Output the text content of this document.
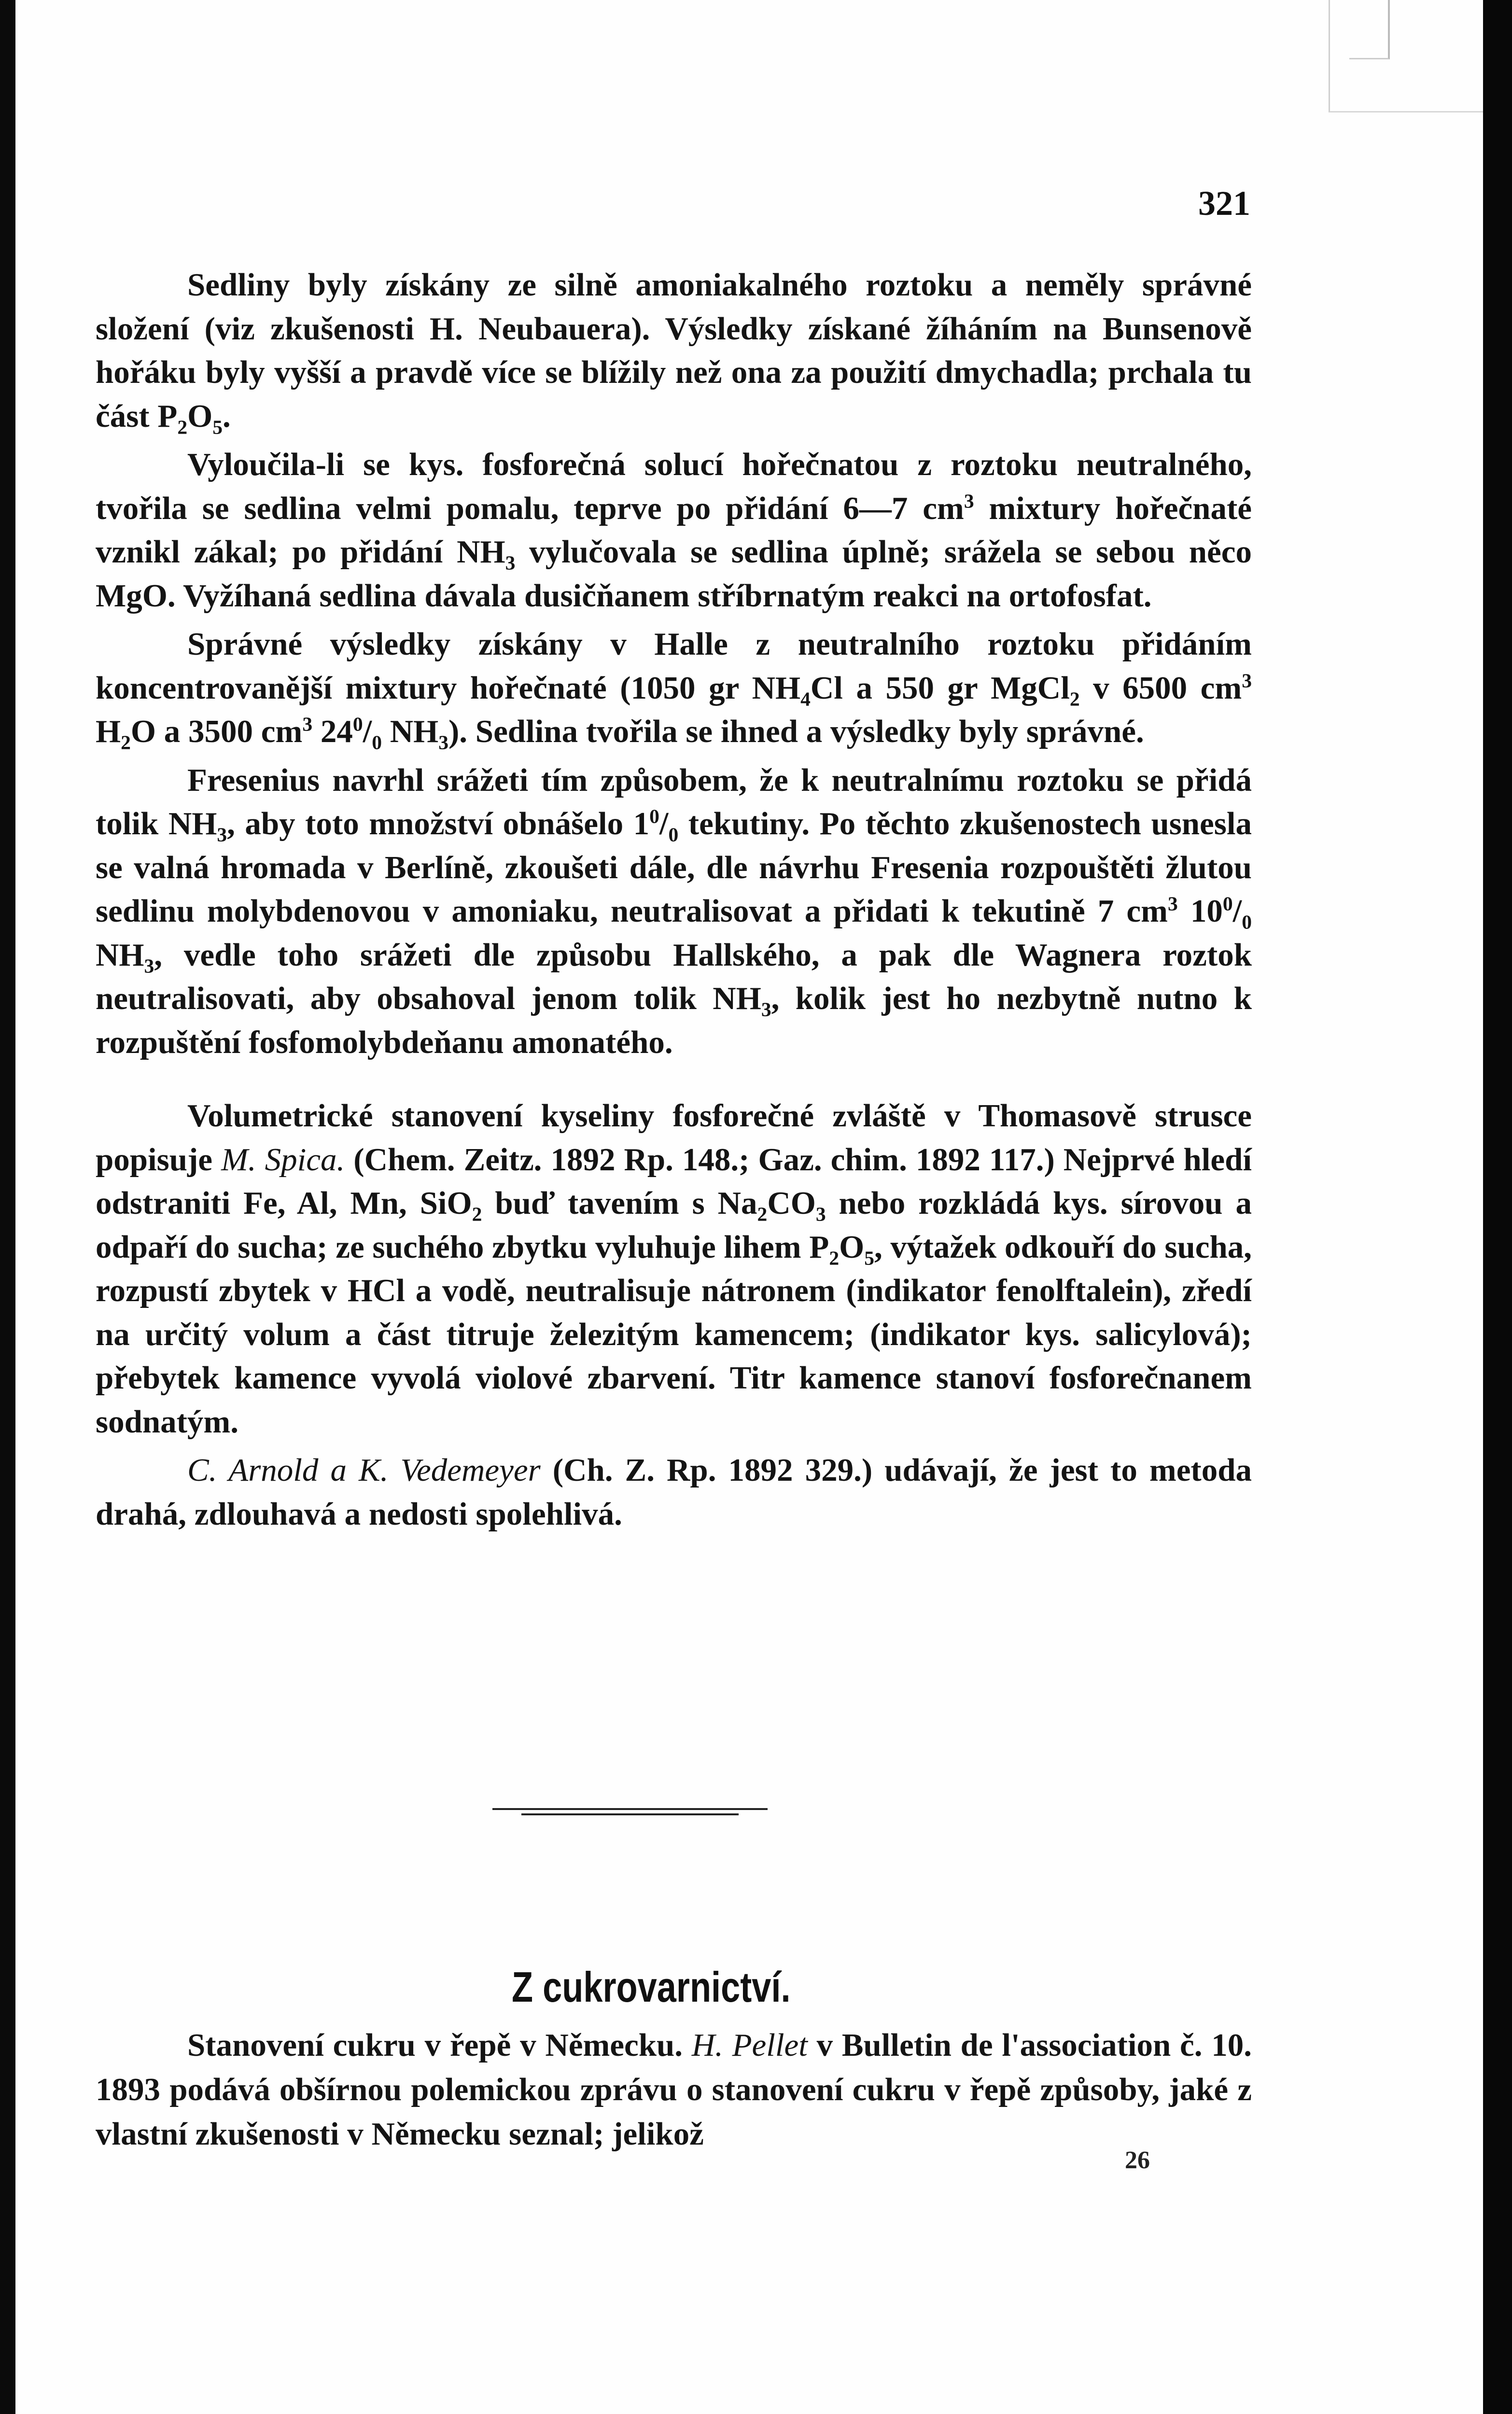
321

Sedliny byly získány ze silně amoniakalného roztoku a neměly správné složení (viz zkušenosti H. Neubauera). Výsledky získané žíháním na Bunsenově hořáku byly vyšší a pravdě více se blížily než ona za použití dmychadla; prchala tu část $P_2O_5$.

Vyloučila-li se kys. fosforečná solucí hořečnatou z roztoku neutralného, tvořila se sedlina velmi pomalu, teprve po přidání 6—7 $cm^3$ mixtury hořečnaté vznikl zákal; po přidání $NH_3$ vylučovala se sedlina úplně; srážela se sebou něco MgO. Vyžíhaná sedlina dávala dusičňanem stříbrnatým reakci na ortofosfat.

Správné výsledky získány v Halle z neutralního roztoku přidáním koncentrovanější mixtury hořečnaté (1050 gr $NH_4Cl$ a 550 gr MgCl$_2$ v 6500 $cm^3$ $H_2O$ a 3500 $cm^3$ $24^0/_0$ $NH_3$). Sedlina tvořila se ihned a výsledky byly správné.

Fresenius navrhl srážeti tím způsobem, že k neutralnímu roztoku se přidá tolik $NH_3$, aby toto množství obnášelo $1^0/_0$ tekutiny. Po těchto zkušenostech usnesla se valná hromada v Berlíně, zkoušeti dále, dle návrhu Fresenia rozpouštěti žlutou sedlinu molybdenovou v amoniaku, neutralisovat a přidati k tekutině 7 $cm^3$ $10^0/_0$ $NH_3$, vedle toho srážeti dle způsobu Hallského, a pak dle Wagnera roztok neutralisovati, aby obsahoval jenom tolik $NH_3$, kolik jest ho nezbytně nutno k rozpuštění fosfomolybdeňanu amonatého.

Volumetrické stanovení kyseliny fosforečné zvláště v Thomasově strusce popisuje M. Spica. (Chem. Zeitz. 1892 Rp. 148.; Gaz. chim. 1892 117.) Nejprvé hledí odstraniti Fe, Al, Mn, SiO$_2$ buď tavením s $Na_2CO_3$ nebo rozkládá kys. sírovou a odpaří do sucha; ze suchého zbytku vyluhuje lihem $P_2O_5$, výtažek odkouří do sucha, rozpustí zbytek v HCl a vodě, neutralisuje nátronem (indikator fenolftalein), zředí na určitý volum a část titruje železitým kamencem; (indikator kys. salicylová); přebytek kamence vyvolá violové zbarvení. Titr kamence stanoví fosforečnanem sodnatým.

C. Arnold a K. Vedemeyer (Ch. Z. Rp. 1892 329.) udávají, že jest to metoda drahá, zdlouhavá a nedosti spolehlivá.

Z cukrovarnictví.

Stanovení cukru v řepě v Německu. H. Pellet v Bulletin de l'association č. 10. 1893 podává obšírnou polemickou zprávu o stanovení cukru v řepě způsoby, jaké z vlastní zkušenosti v Německu seznal; jelikož

26
